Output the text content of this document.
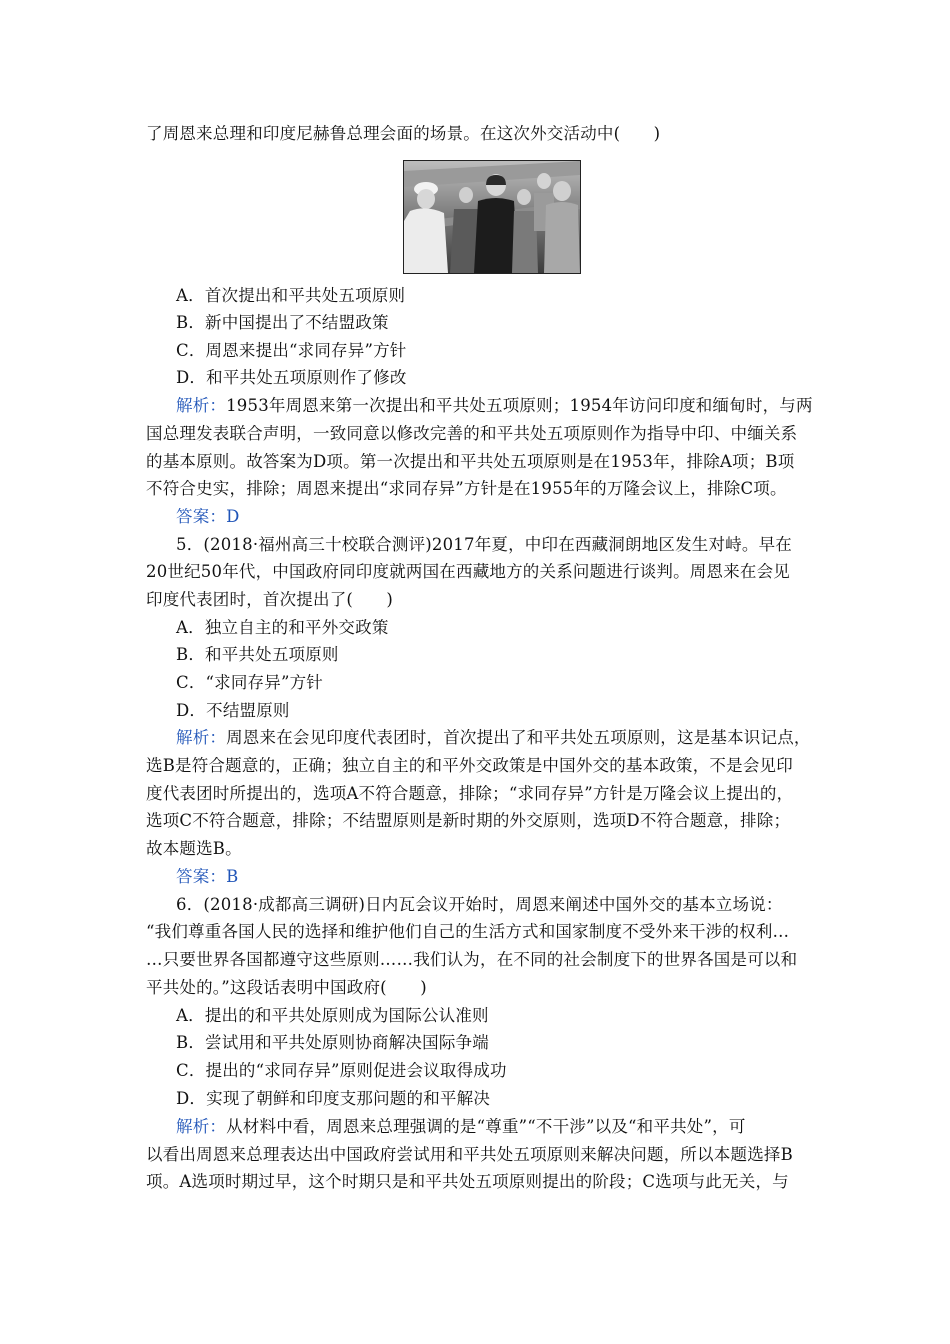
了周恩来总理和印度尼赫鲁总理会面的场景。在这次外交活动中(　　)
A．首次提出和平共处五项原则
B．新中国提出了不结盟政策
C．周恩来提出“求同存异”方针
D．和平共处五项原则作了修改
解析：1953年周恩来第一次提出和平共处五项原则；1954年访问印度和缅甸时，与两
国总理发表联合声明，一致同意以修改完善的和平共处五项原则作为指导中印、中缅关系
的基本原则。故答案为D项。第一次提出和平共处五项原则是在1953年，排除A项；B项
不符合史实，排除；周恩来提出“求同存异”方针是在1955年的万隆会议上，排除C项。
答案：D
5．(2018·福州高三十校联合测评)2017年夏，中印在西藏洞朗地区发生对峙。早在
20世纪50年代，中国政府同印度就两国在西藏地方的关系问题进行谈判。周恩来在会见
印度代表团时，首次提出了(　　)
A．独立自主的和平外交政策
B．和平共处五项原则
C．“求同存异”方针
D．不结盟原则
解析：周恩来在会见印度代表团时，首次提出了和平共处五项原则，这是基本识记点，
选B是符合题意的，正确；独立自主的和平外交政策是中国外交的基本政策，不是会见印
度代表团时所提出的，选项A不符合题意，排除；“求同存异”方针是万隆会议上提出的，
选项C不符合题意，排除；不结盟原则是新时期的外交原则，选项D不符合题意，排除；
故本题选B。
答案：B
6．(2018·成都高三调研)日内瓦会议开始时，周恩来阐述中国外交的基本立场说：
“我们尊重各国人民的选择和维护他们自己的生活方式和国家制度不受外来干涉的权利…
…只要世界各国都遵守这些原则……我们认为，在不同的社会制度下的世界各国是可以和
平共处的。”这段话表明中国政府(　　)
A．提出的和平共处原则成为国际公认准则
B．尝试用和平共处原则协商解决国际争端
C．提出的“求同存异”原则促进会议取得成功
D．实现了朝鲜和印度支那问题的和平解决
解析：从材料中看，周恩来总理强调的是“尊重”“不干涉”以及“和平共处”，可
以看出周恩来总理表达出中国政府尝试用和平共处五项原则来解决问题，所以本题选择B
项。A选项时期过早，这个时期只是和平共处五项原则提出的阶段；C选项与此无关，与
